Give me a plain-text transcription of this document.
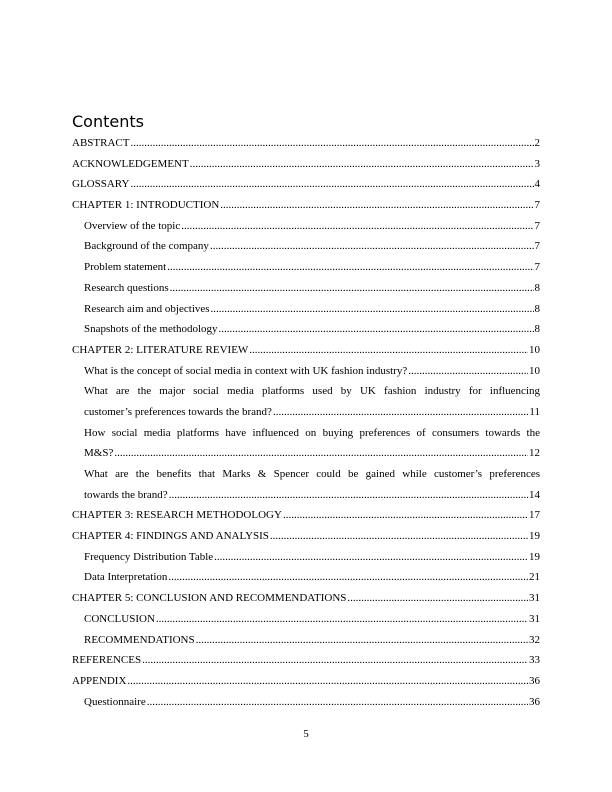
Contents
ABSTRACT .....	2
ACKNOWLEDGEMENT .....	3
GLOSSARY .....	4
CHAPTER 1: INTRODUCTION .....	7
Overview of the topic .....	7
Background of the company .....	7
Problem statement .....	7
Research questions .....	8
Research aim and objectives .....	8
Snapshots of the methodology .....	8
CHAPTER 2: LITERATURE REVIEW .....	10
What is the concept of social media in context with UK fashion industry? .....	10
What are the major social media platforms used by UK fashion industry for influencing
customer’s preferences towards the brand? .....	11
How social media platforms have influenced on buying preferences of consumers towards the
M&S? .....	12
What are the benefits that Marks & Spencer could be gained while customer’s preferences
towards the brand? .....	14
CHAPTER 3: RESEARCH METHODOLOGY .....	17
CHAPTER 4: FINDINGS AND ANALYSIS .....	19
Frequency Distribution Table .....	19
Data Interpretation .....	21
CHAPTER 5: CONCLUSION AND RECOMMENDATIONS .....	31
CONCLUSION .....	31
RECOMMENDATIONS .....	32
REFERENCES .....	33
APPENDIX .....	36
Questionnaire .....	36
5
